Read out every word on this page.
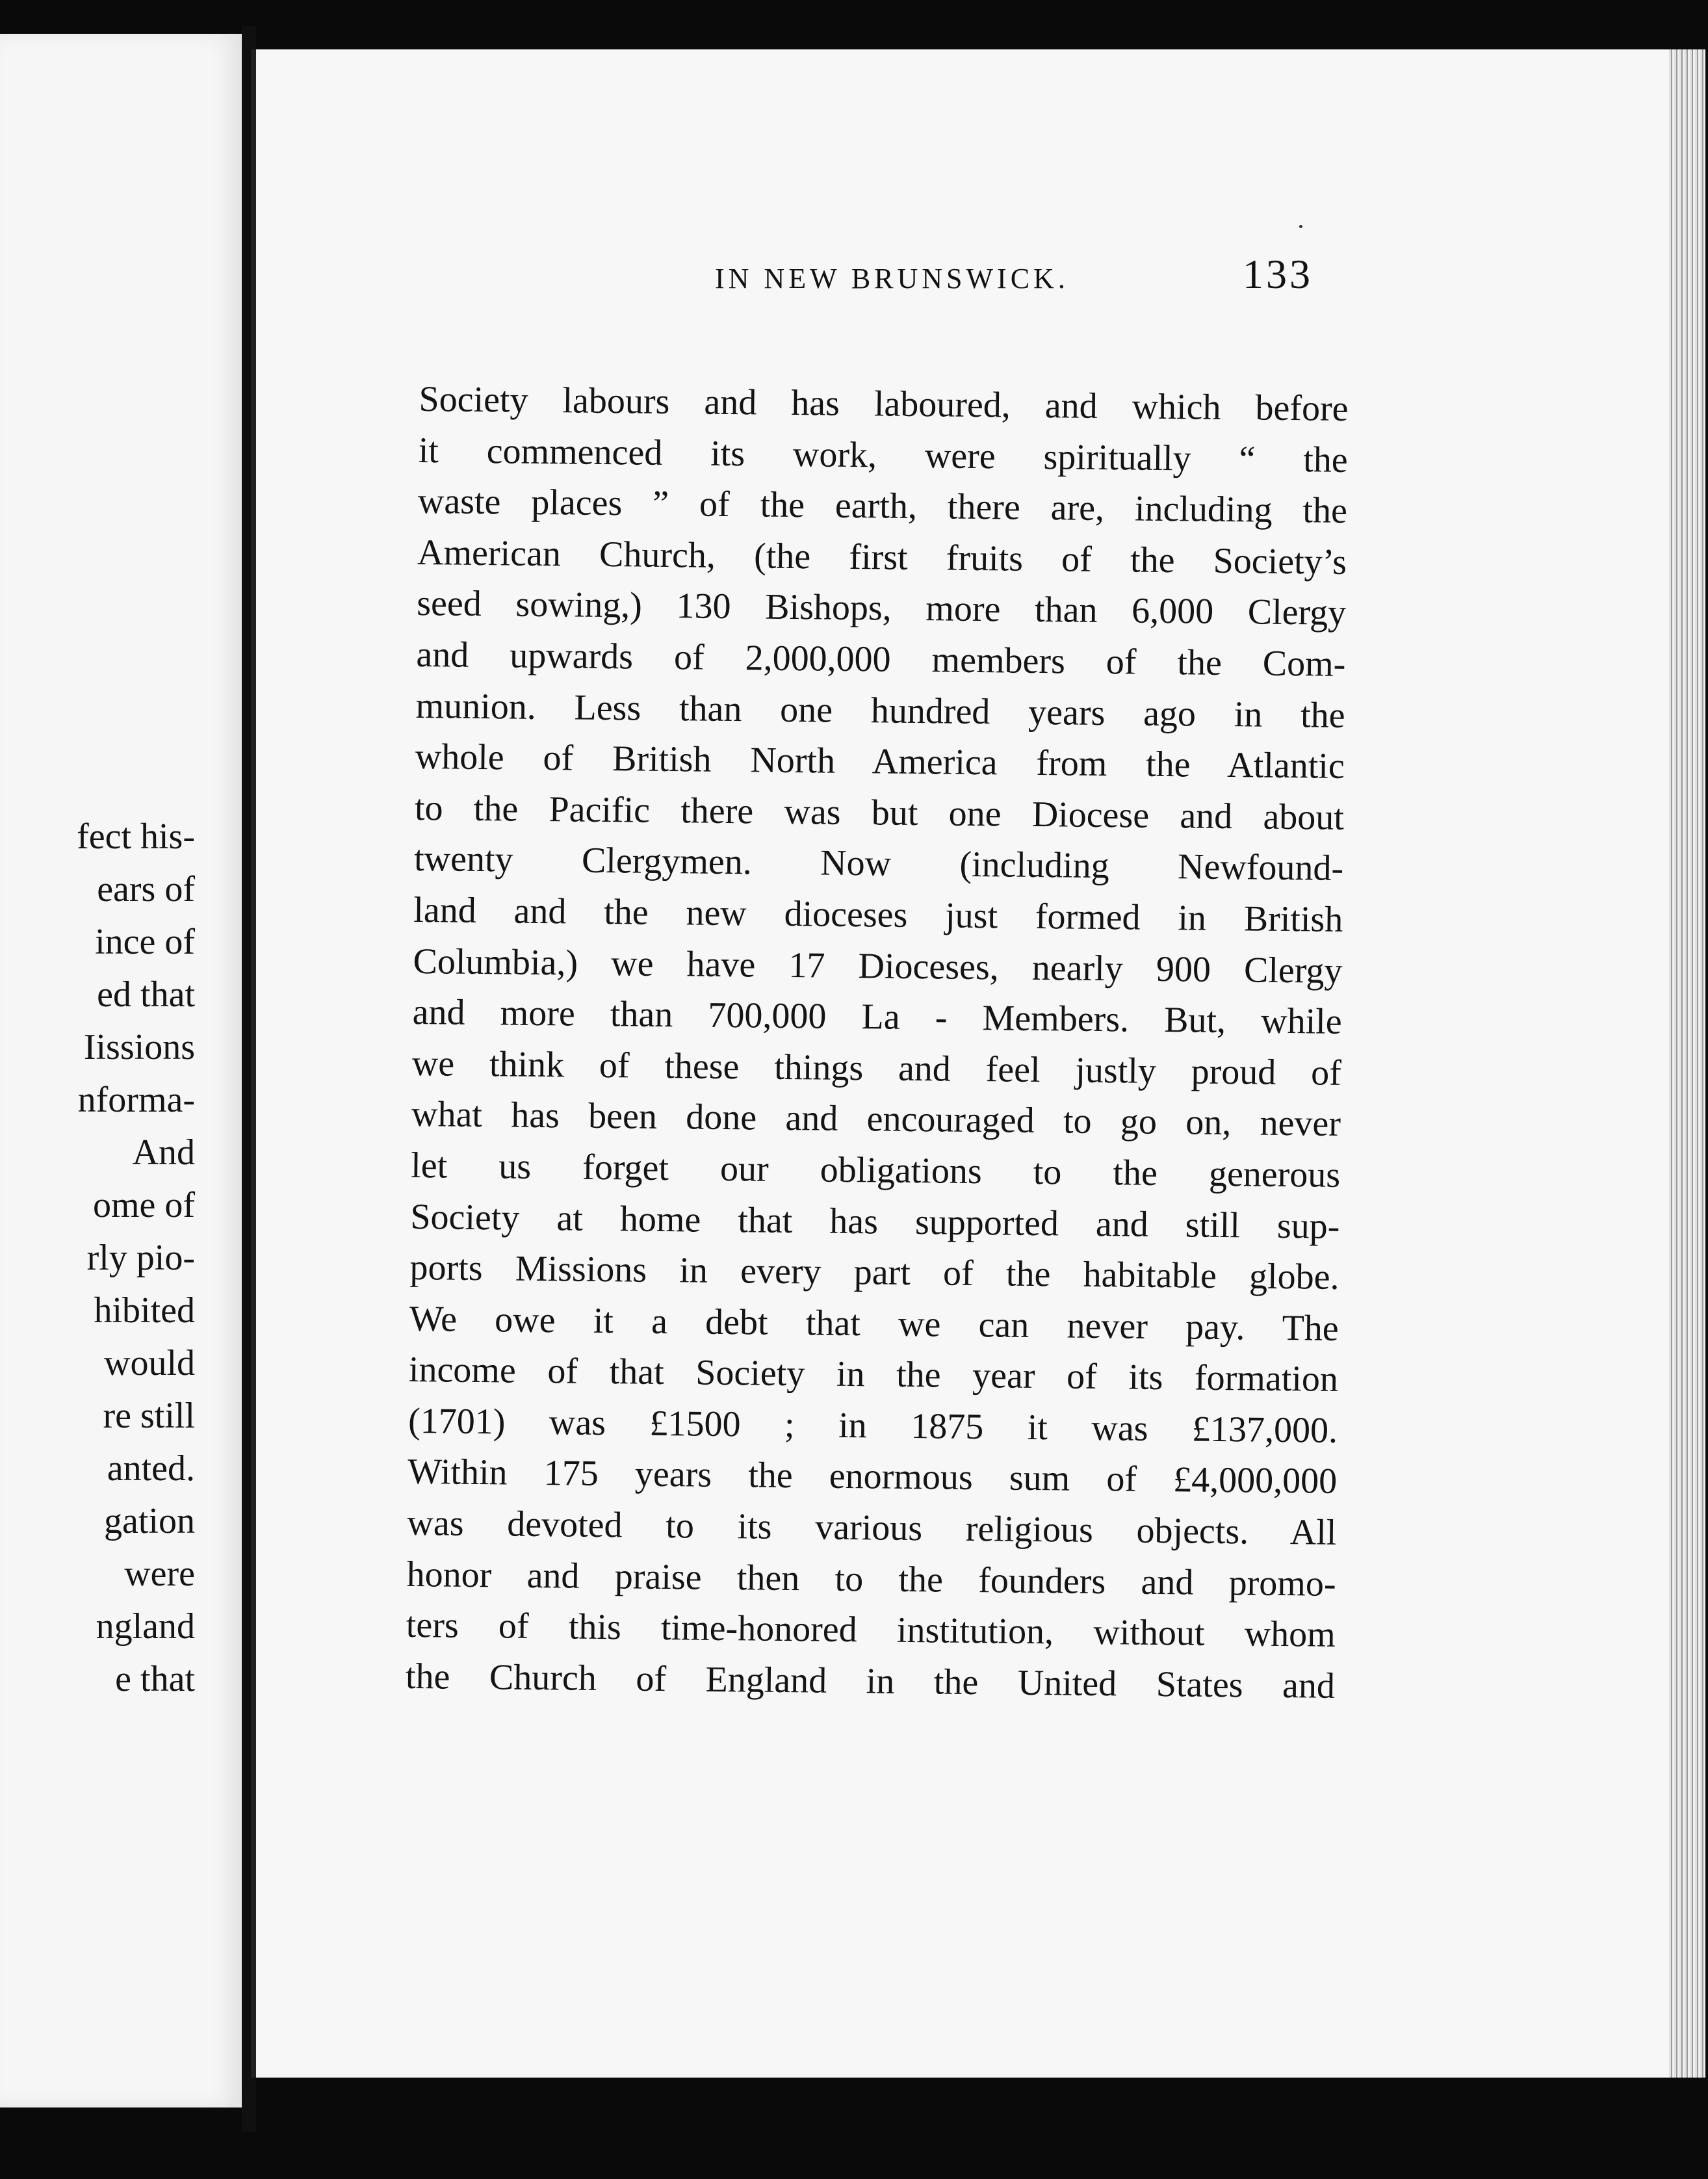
fect his-
ears of
ince of
ed that
Iissions
nforma-
And
ome of
rly pio-
hibited
would
re still
anted.
gation
were
ngland
e that
IN NEW BRUNSWICK.	133
Society labours and has laboured, and which before
it commenced its work, were spiritually “ the
waste places ” of the earth, there are, including the
American Church, (the first fruits of the Society’s
seed sowing,) 130 Bishops, more than 6,000 Clergy
and upwards of 2,000,000 members of the Com-
munion. Less than one hundred years ago in the
whole of British North America from the Atlantic
to the Pacific there was but one Diocese and about
twenty Clergymen. Now (including Newfound-
land and the new dioceses just formed in British
Columbia,) we have 17 Dioceses, nearly 900 Clergy
and more than 700,000 La - Members. But, while
we think of these things and feel justly proud of
what has been done and encouraged to go on, never
let us forget our obligations to the generous
Society at home that has supported and still sup-
ports Missions in every part of the habitable globe.
We owe it a debt that we can never pay. The
income of that Society in the year of its formation
(1701) was £1500 ; in 1875 it was £137,000.
Within 175 years the enormous sum of £4,000,000
was devoted to its various religious objects. All
honor and praise then to the founders and promo-
ters of this time-honored institution, without whom
the Church of England in the United States and
